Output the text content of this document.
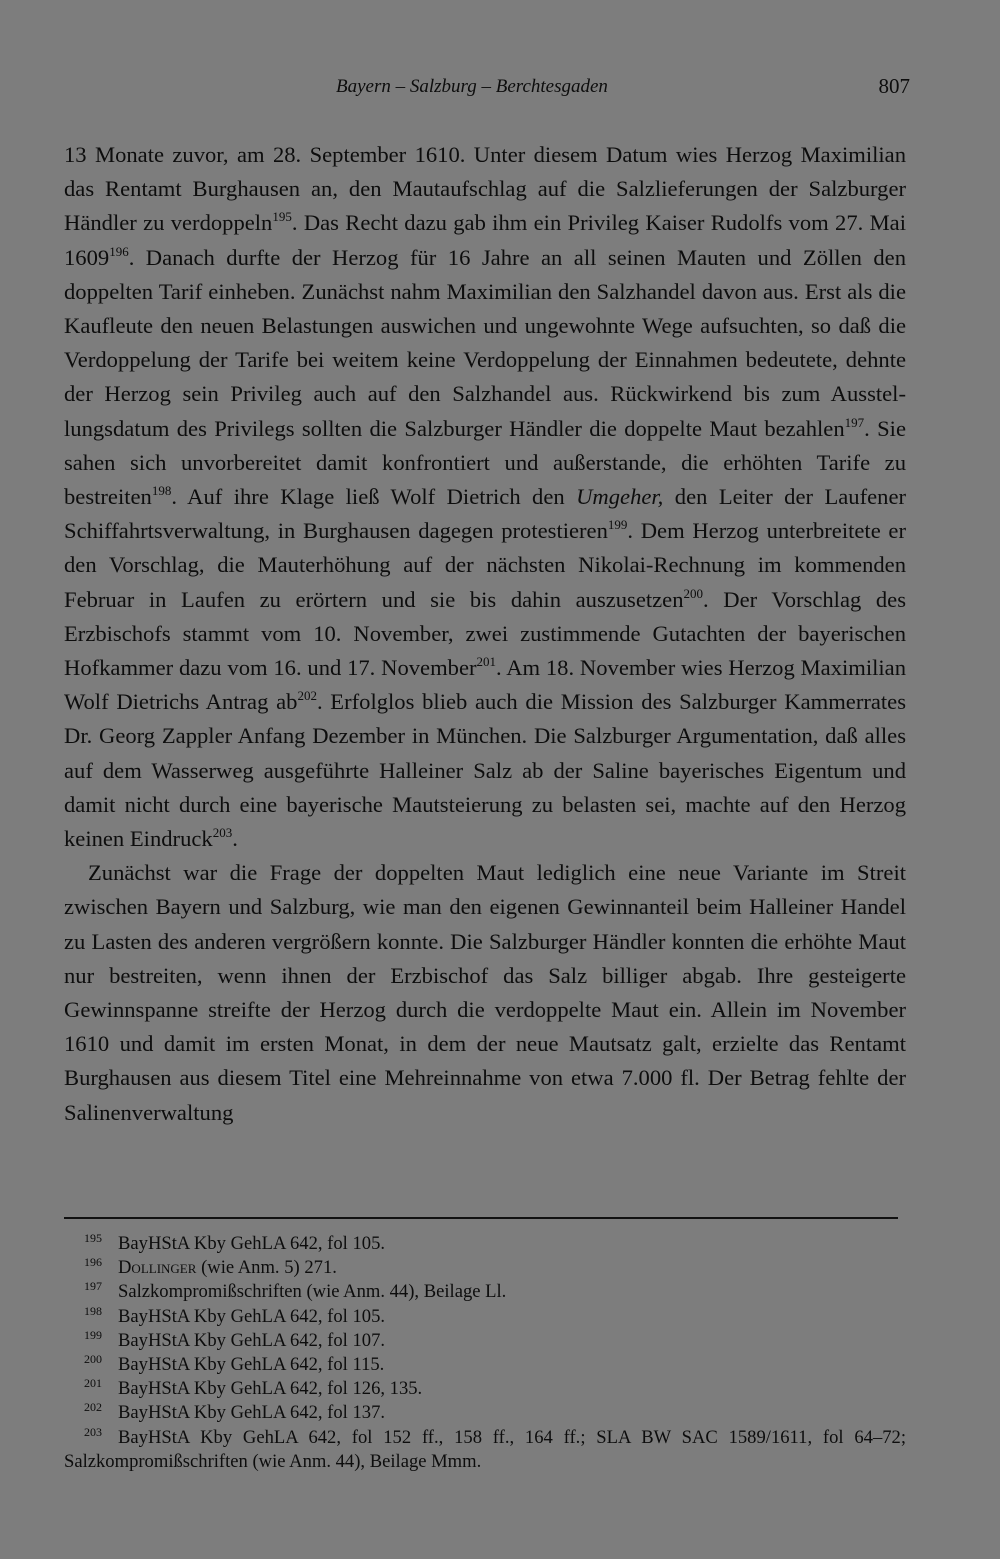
Bayern – Salzburg – Berchtesgaden	807

13 Monate zuvor, am 28. September 1610. Unter diesem Datum wies Herzog Maximilian das Rentamt Burghausen an, den Mautaufschlag auf die Salzlieferungen der Salzburger Händler zu verdoppeln$^{195}$. Das Recht dazu gab ihm ein Privileg Kaiser Rudolfs vom 27. Mai 1609$^{196}$. Danach durfte der Herzog für 16 Jahre an all seinen Mauten und Zöllen den doppelten Tarif einheben. Zunächst nahm Maximilian den Salzhandel davon aus. Erst als die Kaufleute den neuen Belastungen auswichen und ungewohnte Wege aufsuchten, so daß die Verdoppelung der Tarife bei weitem keine Verdoppelung der Einnahmen bedeutete, dehnte der Herzog sein Privileg auch auf den Salzhandel aus. Rückwirkend bis zum Ausstellungsdatum des Privilegs sollten die Salzburger Händler die doppelte Maut bezahlen$^{197}$. Sie sahen sich unvorbereitet damit konfrontiert und außerstande, die erhöhten Tarife zu bestreiten$^{198}$. Auf ihre Klage ließ Wolf Dietrich den Umgeher, den Leiter der Laufener Schiffahrtsverwaltung, in Burghausen dagegen protestieren$^{199}$. Dem Herzog unterbreitete er den Vorschlag, die Mauterhöhung auf der nächsten Nikolai-Rechnung im kommenden Februar in Laufen zu erörtern und sie bis dahin auszusetzen$^{200}$. Der Vorschlag des Erzbischofs stammt vom 10. November, zwei zustimmende Gutachten der bayerischen Hofkammer dazu vom 16. und 17. November$^{201}$. Am 18. November wies Herzog Maximilian Wolf Dietrichs Antrag $ab^{202}$. Erfolglos blieb auch die Mission des Salzburger Kammerrates Dr. Georg Zappler Anfang Dezember in München. Die Salzburger Argumentation, daß alles auf dem Wasserweg ausgeführte Halleiner Salz ab der Saline bayerisches Eigentum und damit nicht durch eine bayerische Mautsteierung zu belasten sei, machte auf den Herzog keinen Eindruck$^{203}$.

Zunächst war die Frage der doppelten Maut lediglich eine neue Variante im Streit zwischen Bayern und Salzburg, wie man den eigenen Gewinnanteil beim Halleiner Handel zu Lasten des anderen vergrößern konnte. Die Salzburger Händler konnten die erhöhte Maut nur bestreiten, wenn ihnen der Erzbischof das Salz billiger abgab. Ihre gesteigerte Gewinnspanne streifte der Herzog durch die verdoppelte Maut ein. Allein im November 1610 und damit im ersten Monat, in dem der neue Mautsatz galt, erzielte das Rentamt Burghausen aus diesem Titel eine Mehreinnahme von etwa 7.000 fl. Der Betrag fehlte der Salinenverwaltung

195 BayHStA Kby GehLA 642, fol 105.
196 Dollinger (wie Anm. 5) 271.
197 Salzkompromißschriften (wie Anm. 44), Beilage Ll.
198 BayHStA Kby GehLA 642, fol 105.
199 BayHStA Kby GehLA 642, fol 107.
200 BayHStA Kby GehLA 642, fol 115.
201 BayHStA Kby GehLA 642, fol 126, 135.
202 BayHStA Kby GehLA 642, fol 137.
203 BayHStA Kby GehLA 642, fol 152 ff., 158 ff., 164 ff.; SLA BW SAC 1589/1611, fol 64–72; Salzkompromißschriften (wie Anm. 44), Beilage Mmm.
